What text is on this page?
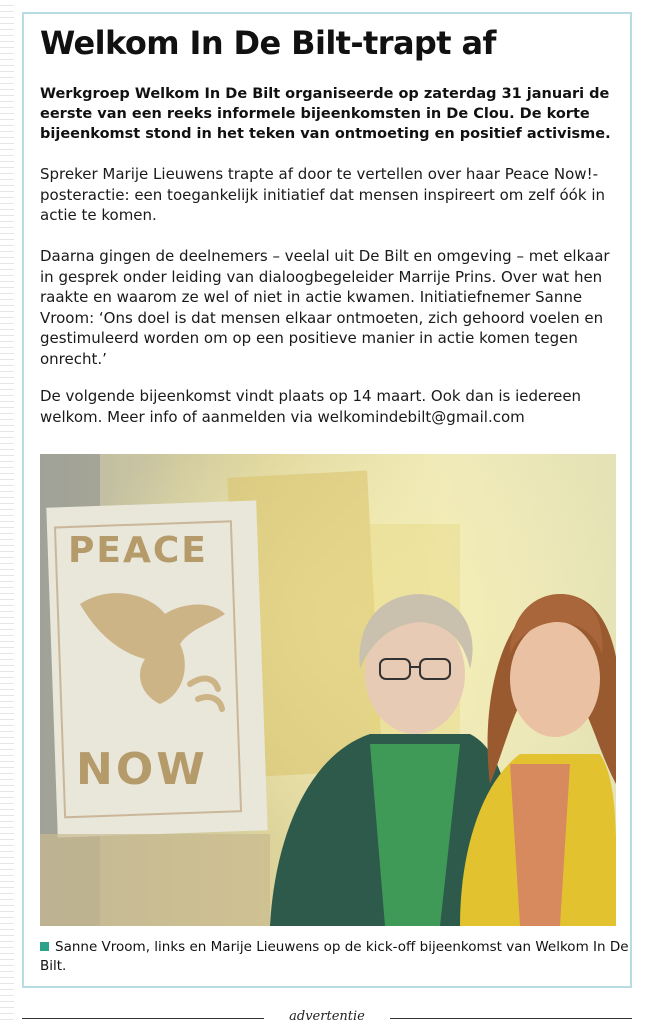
Welkom In De Bilt-trapt af

Werkgroep Welkom In De Bilt organiseerde op zaterdag 31 januari de eerste van een reeks informele bijeenkomsten in De Clou. De korte bijeenkomst stond in het teken van ontmoeting en positief activisme.

Spreker Marije Lieuwens trapte af door te vertellen over haar Peace Now!-posteractie: een toegankelijk initiatief dat mensen inspireert om zelf óók in actie te komen.

Daarna gingen de deelnemers – veelal uit De Bilt en omgeving – met elkaar in gesprek onder leiding van dialoogbegeleider Marrije Prins. Over wat hen raakte en waarom ze wel of niet in actie kwamen. Initiatiefnemer Sanne Vroom: ‘Ons doel is dat mensen elkaar ontmoeten, zich gehoord voelen en gestimuleerd worden om op een positieve manier in actie komen tegen onrecht.’

De volgende bijeenkomst vindt plaats op 14 maart. Ook dan is iedereen welkom. Meer info of aanmelden via welkomindebilt@gmail.com

PEACE
NOW

Sanne Vroom, links en Marije Lieuwens op de kick-off bijeenkomst van Welkom In De Bilt.

advertentie
